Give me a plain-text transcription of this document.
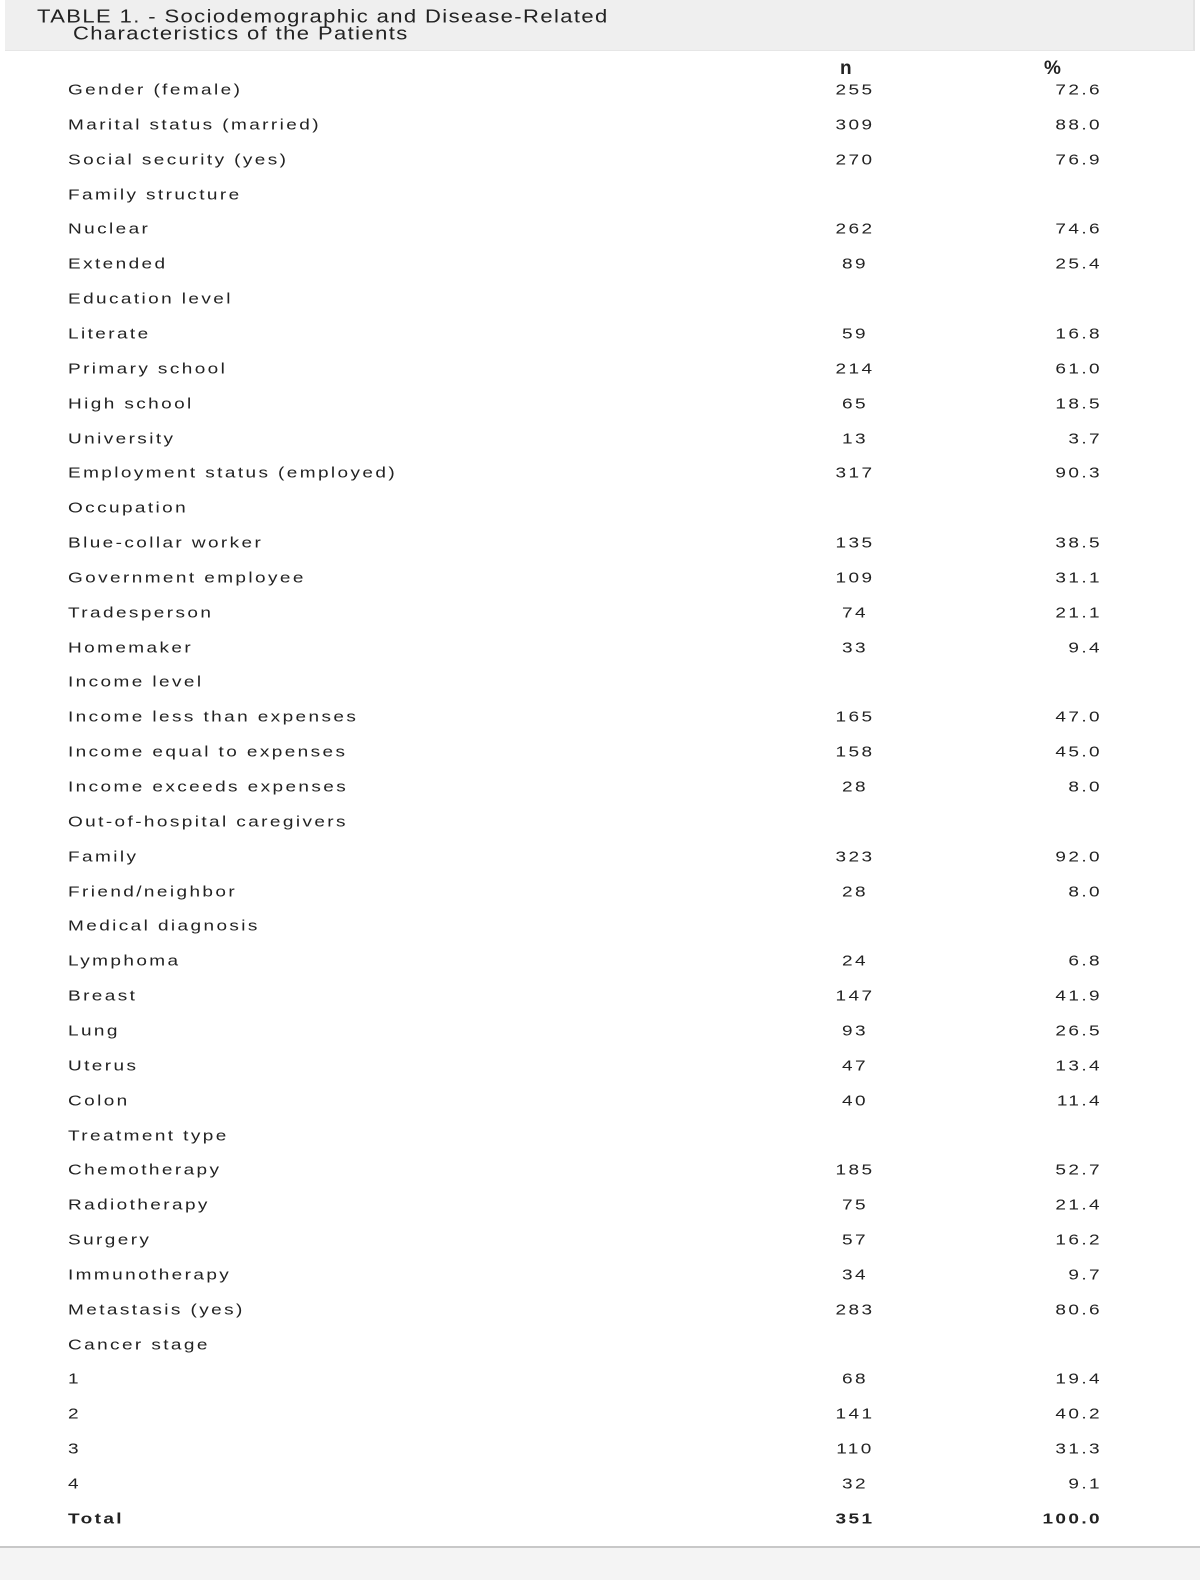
TABLE 1. - Sociodemographic and Disease-Related
Characteristics of the Patients
n	%
Gender (female)	255	72.6
Marital status (married)	309	88.0
Social security (yes)	270	76.9
Family structure
Nuclear	262	74.6
Extended	89	25.4
Education level
Literate	59	16.8
Primary school	214	61.0
High school	65	18.5
University	13	3.7
Employment status (employed)	317	90.3
Occupation
Blue-collar worker	135	38.5
Government employee	109	31.1
Tradesperson	74	21.1
Homemaker	33	9.4
Income level
Income less than expenses	165	47.0
Income equal to expenses	158	45.0
Income exceeds expenses	28	8.0
Out-of-hospital caregivers
Family	323	92.0
Friend/neighbor	28	8.0
Medical diagnosis
Lymphoma	24	6.8
Breast	147	41.9
Lung	93	26.5
Uterus	47	13.4
Colon	40	11.4
Treatment type
Chemotherapy	185	52.7
Radiotherapy	75	21.4
Surgery	57	16.2
Immunotherapy	34	9.7
Metastasis (yes)	283	80.6
Cancer stage
1	68	19.4
2	141	40.2
3	110	31.3
4	32	9.1
Total	351	100.0
